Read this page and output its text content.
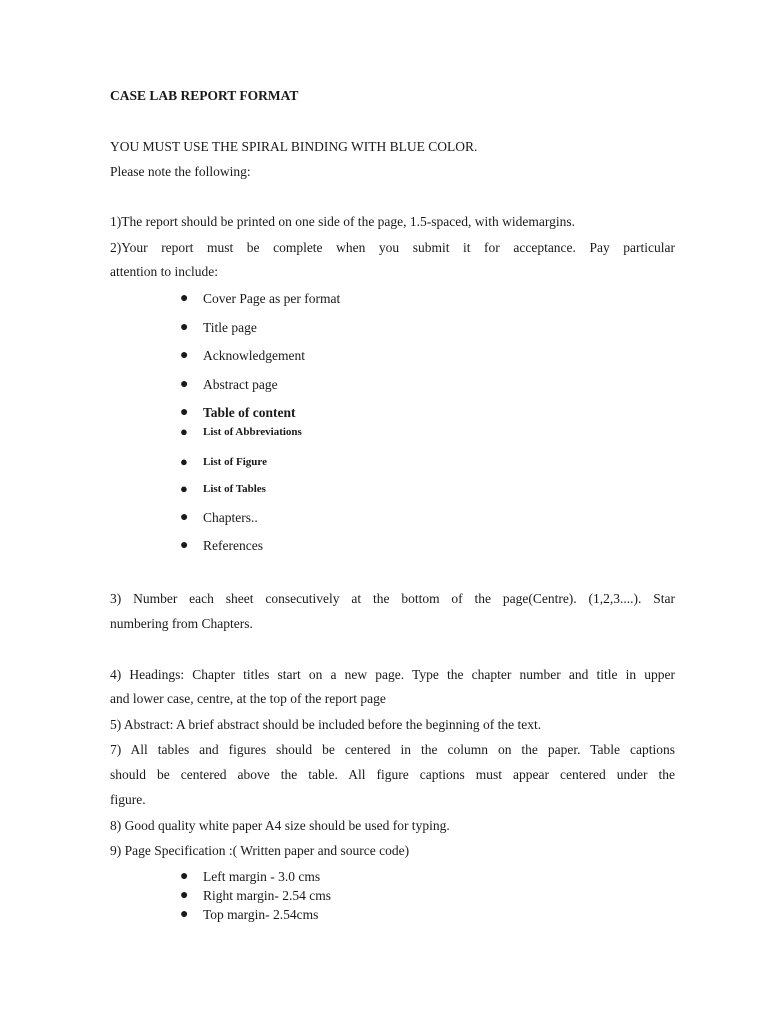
CASE LAB REPORT FORMAT
YOU MUST USE THE SPIRAL BINDING WITH BLUE COLOR.
Please note the following:
1)The report should be printed on one side of the page, 1.5-spaced, with widemargins.
2)Your report must be complete when you submit it for acceptance. Pay particular
attention to include:
●	Cover Page as per format
●	Title page
●	Acknowledgement
●	Abstract page
●	Table of content
●	List of Abbreviations
●	List of Figure
●	List of Tables
●	Chapters..
●	References
3) Number each sheet consecutively at the bottom of the page(Centre). (1,2,3....). Star
numbering from Chapters.
4) Headings: Chapter titles start on a new page. Type the chapter number and title in upper
and lower case, centre, at the top of the report page
5) Abstract: A brief abstract should be included before the beginning of the text.
7) All tables and figures should be centered in the column on the paper. Table captions
should be centered above the table. All figure captions must appear centered under the
figure.
8) Good quality white paper A4 size should be used for typing.
9) Page Specification :( Written paper and source code)
●	Left margin - 3.0 cms
●	Right margin- 2.54 cms
●	Top margin- 2.54cms
